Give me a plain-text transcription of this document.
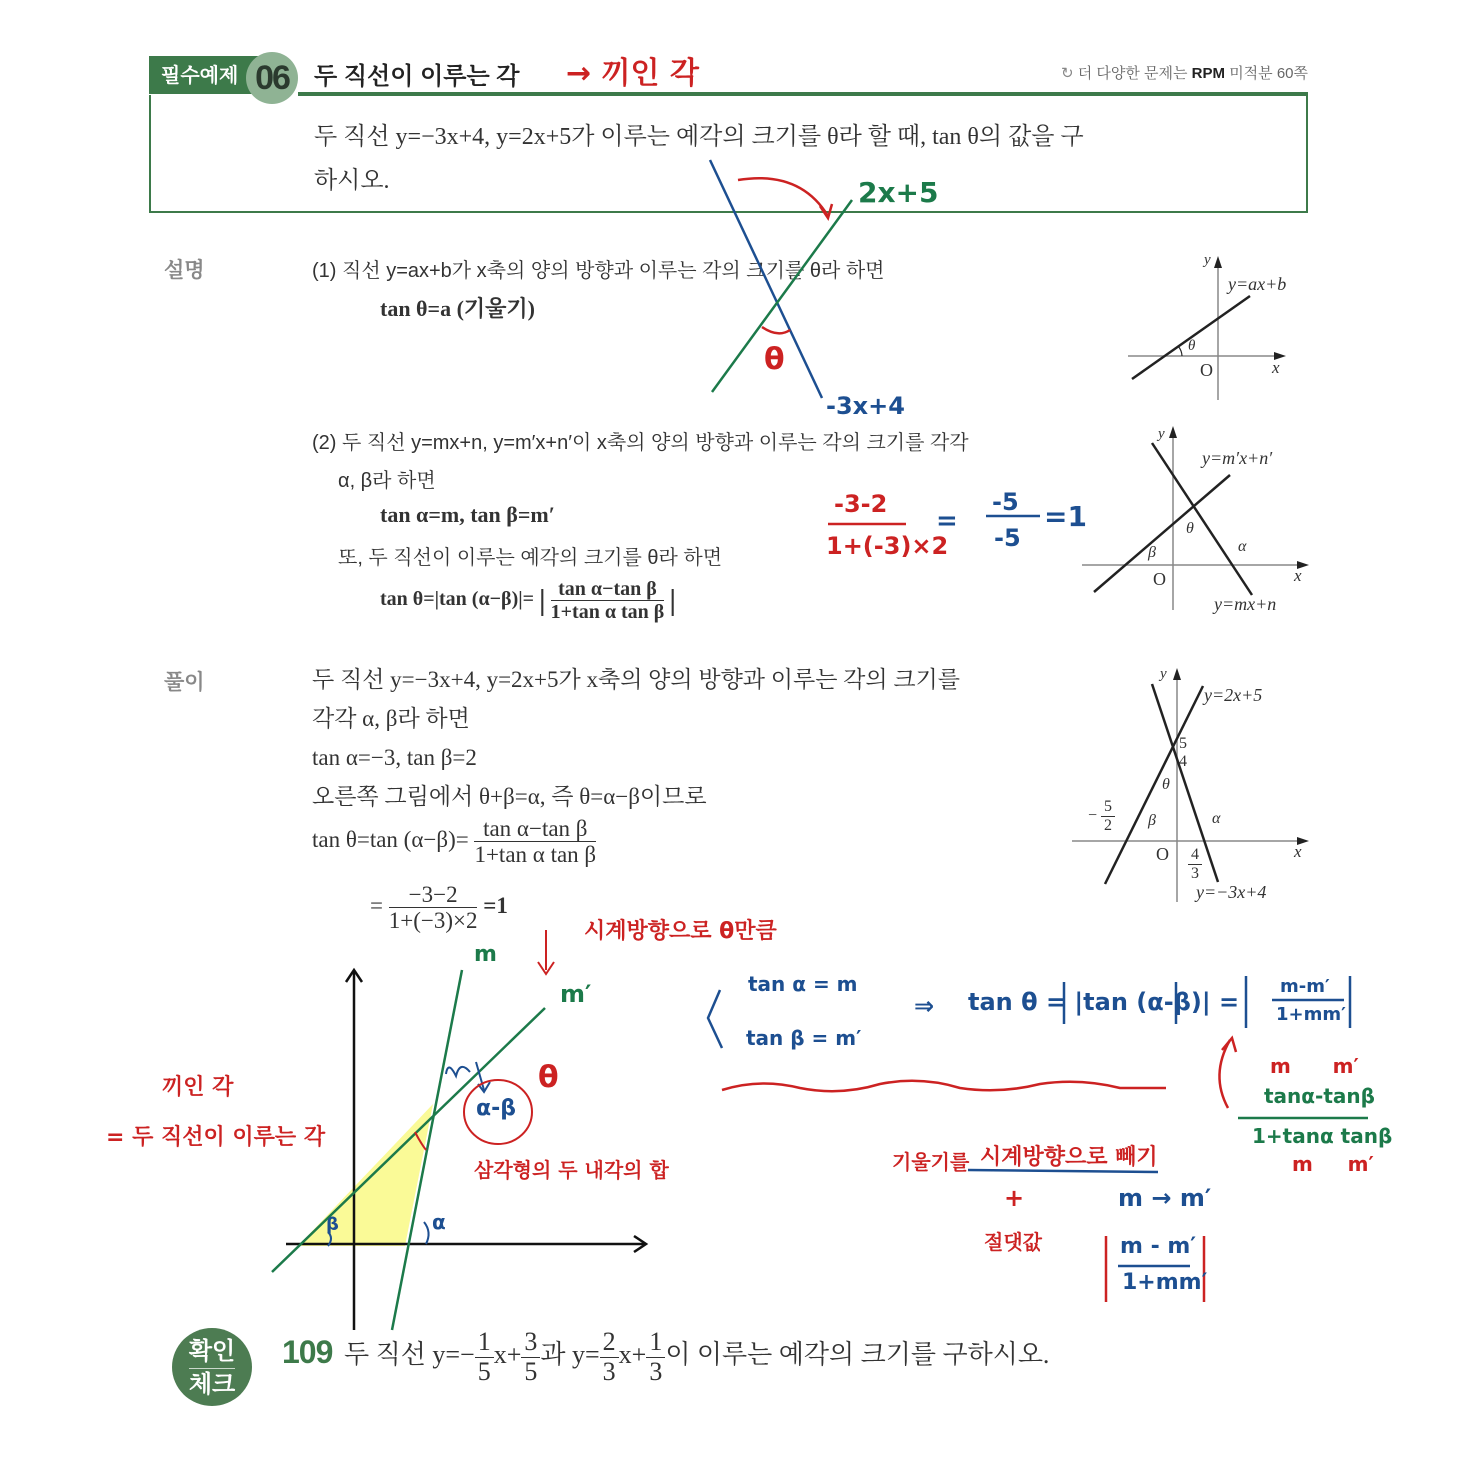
필수예제 06	두 직선이 이루는 각	↻ 더 다양한 문제는 RPM 미적분 60쪽
두 직선 y=−3x+4, y=2x+5가 이루는 예각의 크기를 θ라 할 때, tan θ의 값을 구
하시오.
설명	(1) 직선 y=ax+b가 x축의 양의 방향과 이루는 각의 크기를 θ라 하면
tan θ=a (기울기)
(2) 두 직선 y=mx+n, y=m′x+n′이 x축의 양의 방향과 이루는 각의 크기를 각각
α, β라 하면
tan α=m, tan β=m′
또, 두 직선이 이루는 예각의 크기를 θ라 하면
tan θ=|tan (α−β)|= | $\frac{\text{tan α−tan β}}{\text{1+tan α tan β}}$ |
풀이	두 직선 y=−3x+4, y=2x+5가 x축의 양의 방향과 이루는 각의 크기를
각각 α, β라 하면
tan α=−3, tan β=2
오른쪽 그림에서 θ+β=α, 즉 θ=α−β이므로
tan θ=tan $(\alpha-\beta)= \frac{\text{tan α−tan β}}{\text{1+tan α tan β}}$
= $\frac{-3-2}{1+(-3)\times 2} =1$
y
y=ax+b
θ
O	x
y
y=m′x+n′
θ
β	α
O	x
y=mx+n
y
y=2x+5
5
4
θ
− $\frac{5}{2}$ β	α
O $\frac{4}{3}$	x
y=−3x+4
→ 끼인 각
2x+5
θ
-3x+4
-3-2
1+(-3)×2
=
-5
-5
=1
시계방향으로 θ만큼
m
m′
θ
α-β
삼각형의 두 내각의 합
끼인 각
= 두 직선이 이루는 각
α
β
tan α = m
tan β = m′
⇒ tan θ = |tan (α-β)| =
m-m′
1+mm′
m      m′
tanα-tanβ
1+tanα tanβ
m     m′
기울기를 시계방향으로 빼기
+
절댓값
m → m′
m - m′
1+mm′
확인
체크
109 두 직선 $y=- \frac{1}{5} x+ \frac{3}{5}$ 과 $y= \frac{2}{3} x+ \frac{1}{3}$ 이 이루는 예각의 크기를 구하시오.
